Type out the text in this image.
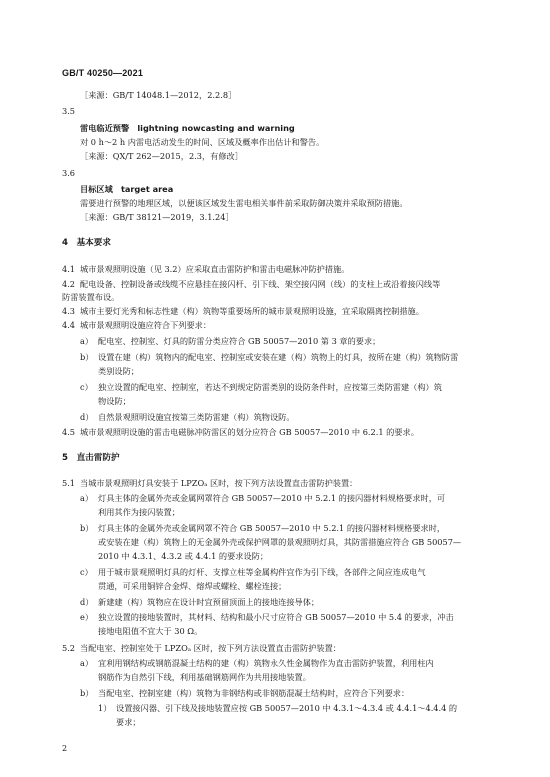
GB/T 40250—2021
［来源：GB/T 14048.1—2012，2.2.8］
3.5
雷电临近预警  lightning nowcasting and warning
对 0 h～2 h 内雷电活动发生的时间、区域及概率作出估计和警告。
［来源：QX/T 262—2015，2.3，有修改］
3.6
目标区域  target area
需要进行预警的地理区域，以便该区域发生雷电相关事件前采取防御决策并采取预防措施。
［来源：GB/T 38121—2019，3.1.24］
4　基本要求
4.1 城市景观照明设施（见 3.2）应采取直击雷防护和雷击电磁脉冲防护措施。
4.2 配电设备、控制设备或线缆不应悬挂在接闪杆、引下线、架空接闪网（线）的支柱上或沿着接闪线等
防雷装置布设。
4.3 城市主要灯光秀和标志性建（构）筑物等重要场所的城市景观照明设施，宜采取隔离控制措施。
4.4 城市景观照明设施应符合下列要求：
a） 配电室、控制室、灯具的防雷分类应符合 GB 50057—2010 第 3 章的要求；
b） 设置在建（构）筑物内的配电室、控制室或安装在建（构）筑物上的灯具，按所在建（构）筑物防雷
类别设防；
c） 独立设置的配电室、控制室，若达不到规定防雷类别的设防条件时，应按第三类防雷建（构）筑
物设防；
d） 自然景观照明设施宜按第三类防雷建（构）筑物设防。
4.5 城市景观照明设施的雷击电磁脉冲防雷区的划分应符合 GB 50057—2010 中 6.2.1 的要求。
5　直击雷防护
5.1 当城市景观照明灯具安装于 LPZOₐ 区时，按下列方法设置直击雷防护装置：
a） 灯具主体的金属外壳或金属网罩符合 GB 50057—2010 中 5.2.1 的接闪器材料规格要求时，可
利用其作为接闪装置；
b） 灯具主体的金属外壳或金属网罩不符合 GB 50057—2010 中 5.2.1 的接闪器材料规格要求时，
或安装在建（构）筑物上的无金属外壳或保护网罩的景观照明灯具，其防雷措施应符合 GB 50057—
2010 中 4.3.1、4.3.2 或 4.4.1 的要求设防；
c） 用于城市景观照明灯具的灯杆、支撑立柱等金属构件宜作为引下线，各部件之间应连成电气
贯通，可采用铜锌合金焊、熔焊或螺栓、螺栓连接；
d） 新建建（构）筑物应在设计时宜预留顶面上的接地连接导体；
e） 独立设置的接地装置时，其材料、结构和最小尺寸应符合 GB 50057—2010 中 5.4 的要求，冲击
接地电阻值不宜大于 30 Ω。
5.2 当配电室、控制室处于 LPZOₐ 区时，按下列方法设置直击雷防护装置：
a） 宜利用钢结构或钢筋混凝土结构的建（构）筑物永久性金属物作为直击雷防护装置，利用柱内
钢筋作为自然引下线，利用基础钢筋网作为共用接地装置。
b） 当配电室、控制室建（构）筑物为非钢结构或非钢筋混凝土结构时，应符合下列要求：
1） 设置接闪器、引下线及接地装置应按 GB 50057—2010 中 4.3.1～4.3.4 或 4.4.1～4.4.4 的
要求；
2
